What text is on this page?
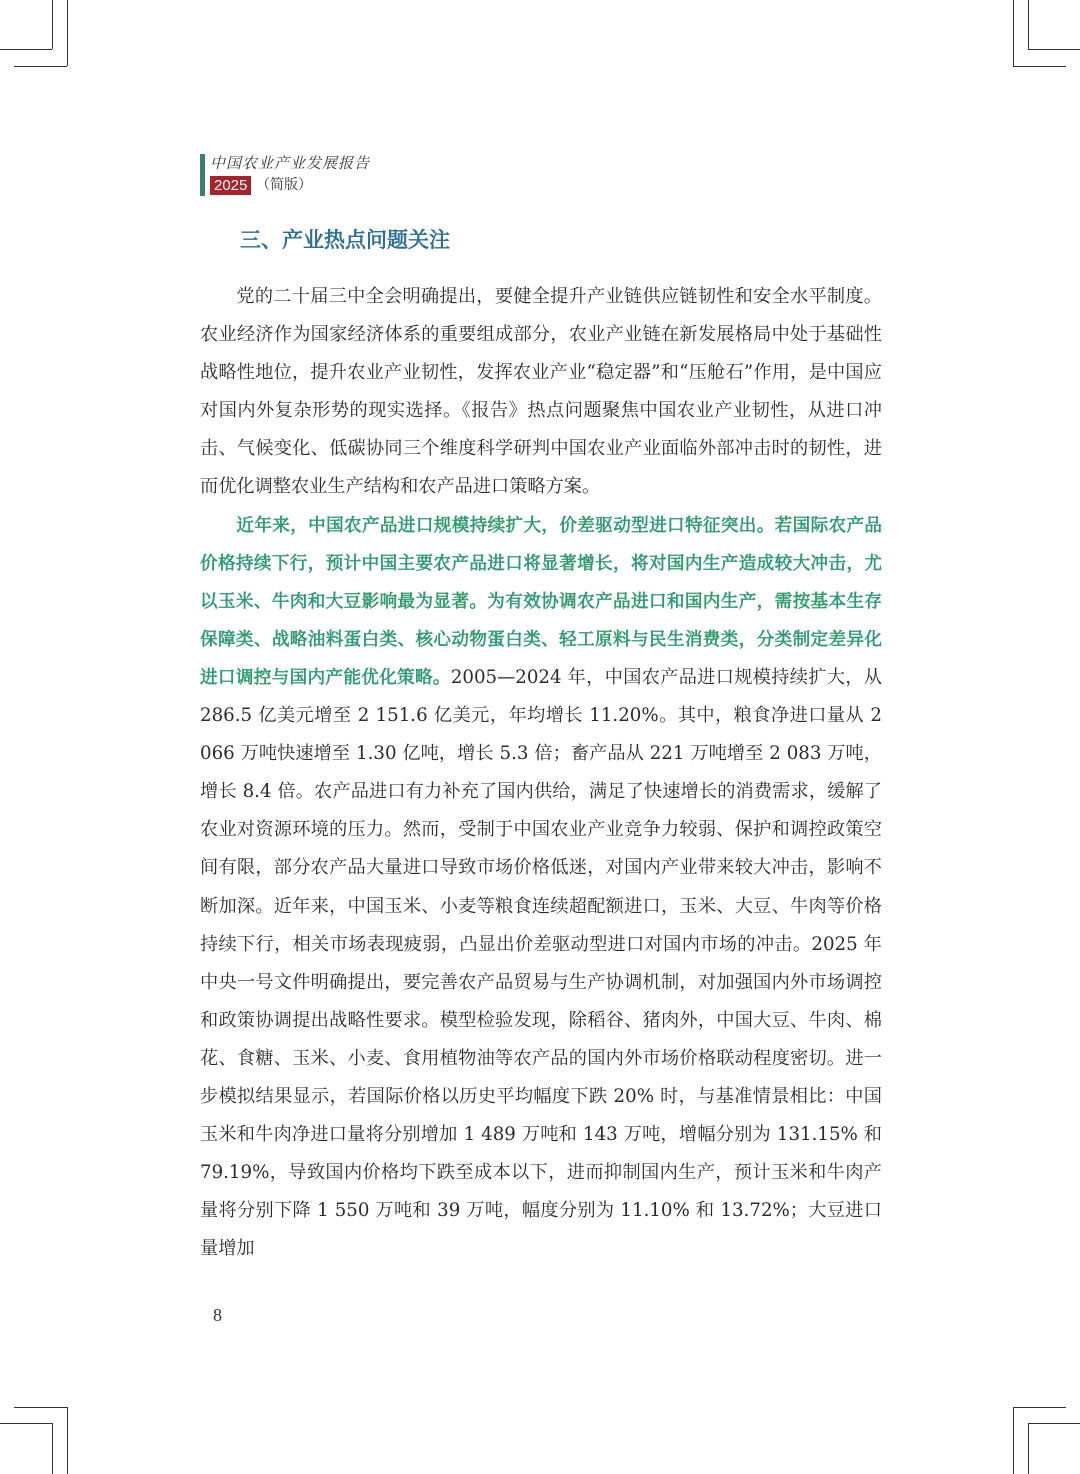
中国农业产业发展报告
2025 （简版）
三、产业热点问题关注

党的二十届三中全会明确提出，要健全提升产业链供应链韧性和安全水平制度。农业经济作为国家经济体系的重要组成部分，农业产业链在新发展格局中处于基础性战略性地位，提升农业产业韧性，发挥农业产业“稳定器”和“压舱石”作用，是中国应对国内外复杂形势的现实选择。《报告》热点问题聚焦中国农业产业韧性，从进口冲击、气候变化、低碳协同三个维度科学研判中国农业产业面临外部冲击时的韧性，进而优化调整农业生产结构和农产品进口策略方案。

近年来，中国农产品进口规模持续扩大，价差驱动型进口特征突出。若国际农产品价格持续下行，预计中国主要农产品进口将显著增长，将对国内生产造成较大冲击，尤以玉米、牛肉和大豆影响最为显著。为有效协调农产品进口和国内生产，需按基本生存保障类、战略油料蛋白类、核心动物蛋白类、轻工原料与民生消费类，分类制定差异化进口调控与国内产能优化策略。2005—2024 年，中国农产品进口规模持续扩大，从 286.5 亿美元增至 2 151.6 亿美元，年均增长 11.20%。其中，粮食净进口量从 2 066 万吨快速增至 1.30 亿吨，增长 5.3 倍；畜产品从 221 万吨增至 2 083 万吨，增长 8.4 倍。农产品进口有力补充了国内供给，满足了快速增长的消费需求，缓解了农业对资源环境的压力。然而，受制于中国农业产业竞争力较弱、保护和调控政策空间有限，部分农产品大量进口导致市场价格低迷，对国内产业带来较大冲击，影响不断加深。近年来，中国玉米、小麦等粮食连续超配额进口，玉米、大豆、牛肉等价格持续下行，相关市场表现疲弱，凸显出价差驱动型进口对国内市场的冲击。2025 年中央一号文件明确提出，要完善农产品贸易与生产协调机制，对加强国内外市场调控和政策协调提出战略性要求。模型检验发现，除稻谷、猪肉外，中国大豆、牛肉、棉花、食糖、玉米、小麦、食用植物油等农产品的国内外市场价格联动程度密切。进一步模拟结果显示，若国际价格以历史平均幅度下跌 20% 时，与基准情景相比：中国玉米和牛肉净进口量将分别增加 1 489 万吨和 143 万吨，增幅分别为 131.15% 和 79.19%，导致国内价格均下跌至成本以下，进而抑制国内生产，预计玉米和牛肉产量将分别下降 1 550 万吨和 39 万吨，幅度分别为 11.10% 和 13.72%；大豆进口量增加

8
